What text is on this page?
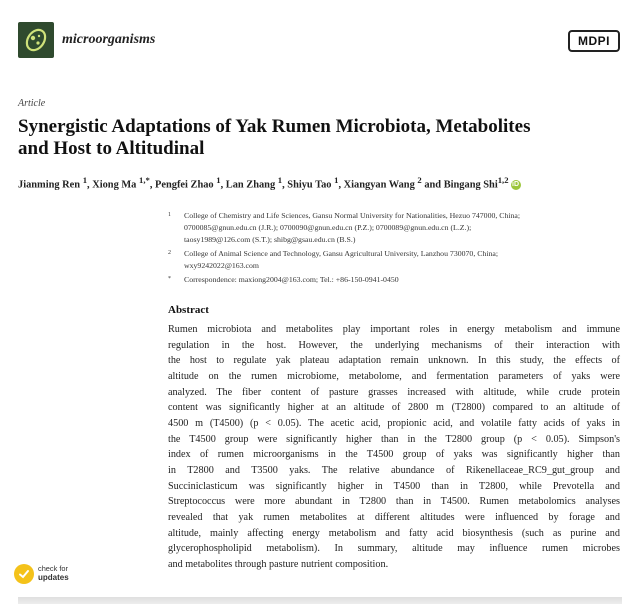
microorganisms	MDPI
Article
Synergistic Adaptations of Yak Rumen Microbiota, Metabolites
and Host to Altitudinal
Jianming Ren $^1$, Xiong Ma $^{1,*}$, Pengfei Zhao $^1$, Lan Zhang $^1$, Shiyu Tao $^1$, Xiangyan Wang $^2$ and Bingang Shi$^{1,2}$ iD
1 College of Chemistry and Life Sciences, Gansu Normal University for Nationalities, Hezuo 747000, China;
0700085@gnun.edu.cn (J.R.); 0700090@gnun.edu.cn (P.Z.); 0700089@gnun.edu.cn (L.Z.);
taosy1989@126.com (S.T.); shibg@gsau.edu.cn (B.S.)
2 College of Animal Science and Technology, Gansu Agricultural University, Lanzhou 730070, China;
wxy9242022@163.com
* Correspondence: maxiong2004@163.com; Tel.: +86-150-0941-0450
Abstract
Rumen microbiota and metabolites play important roles in energy metabolism and immune
regulation in the host. However, the underlying mechanisms of their interaction with
the host to regulate yak plateau adaptation remain unknown. In this study, the effects of
altitude on the rumen microbiome, metabolome, and fermentation parameters of yaks were
analyzed. The fiber content of pasture grasses increased with altitude, while crude protein
content was significantly higher at an altitude of 2800 m (T2800) compared to an altitude of
4500 m (T4500) (p < 0.05). The acetic acid, propionic acid, and volatile fatty acids of yaks in
the T4500 group were significantly higher than in the T2800 group (p < 0.05). Simpson's
index of rumen microorganisms in the T4500 group of yaks was significantly higher than
in T2800 and T3500 yaks. The relative abundance of Rikenellaceae_RC9_gut_group and
Succiniclasticum was significantly higher in T4500 than in T2800, while Prevotella and
Streptococcus were more abundant in T2800 than in T4500. Rumen metabolomics analyses
revealed that yak rumen metabolites at different altitudes were influenced by forage and
altitude, mainly affecting energy metabolism and fatty acid biosynthesis (such as purine and
glycerophospholipid metabolism). In summary, altitude may influence rumen microbes
and metabolites through pasture nutrient composition.
check for
updates
